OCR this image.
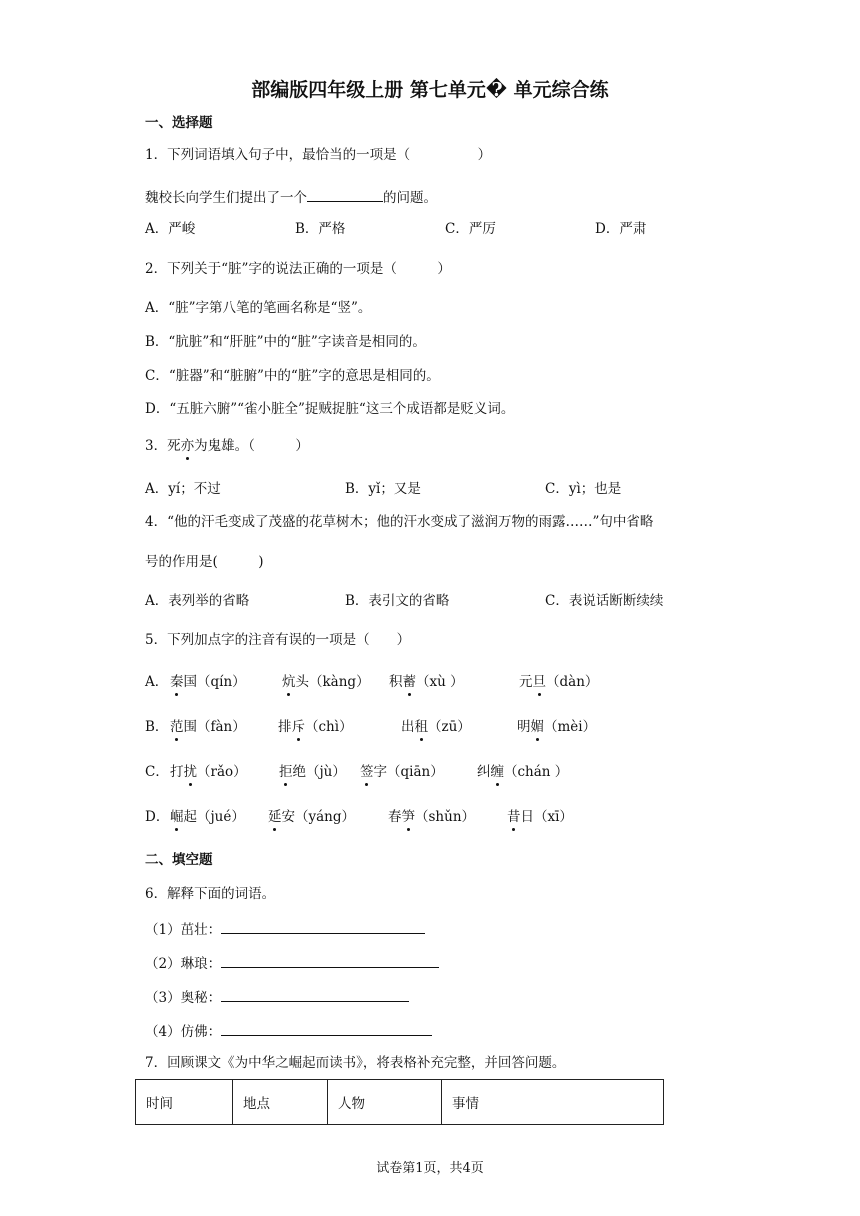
部编版四年级上册 第七单元� 单元综合练
一、选择题
1．下列词语填入句子中，最恰当的一项是（　　　　　）
魏校长向学生们提出了一个	的问题。
A．严峻	B．严格	C．严厉	D．严肃
2．下列关于“脏”字的说法正确的一项是（　　　）
A．“脏”字第八笔的笔画名称是“竖”。
B．“肮脏”和“肝脏”中的“脏”字读音是相同的。
C．“脏器”和“脏腑”中的“脏”字的意思是相同的。
D．“五脏六腑”“雀小脏全”捉贼捉脏“这三个成语都是贬义词。
3．死亦为鬼雄。（　　　）
A．yí；不过	B．yǐ；又是	C．yì；也是
4．“他的汗毛变成了茂盛的花草树木；他的汗水变成了滋润万物的雨露……”句中省略
号的作用是(　　　)
A．表列举的省略	B．表引文的省略	C．表说话断断续续
5．下列加点字的注音有误的一项是（　　）
A． 秦国（qín）	炕头（kàng） 积蓄（xù ）	元旦（dàn）
B． 范围（fàn） 排斥（chì）	出租（zū）	明媚（mèi）
C． 打扰（rǎo） 拒绝（jù） 签字（qiān） 纠缠（chán ）
D． 崛起（jué） 延安（yáng） 春笋（shǔn） 昔日（xī）
二、填空题
6．解释下面的词语。
（1）茁壮：
（2）琳琅：
（3）奥秘：
（4）仿佛：
7．回顾课文《为中华之崛起而读书》，将表格补充完整，并回答问题。
时间	地点	人物	事情
试卷第1页，共4页
